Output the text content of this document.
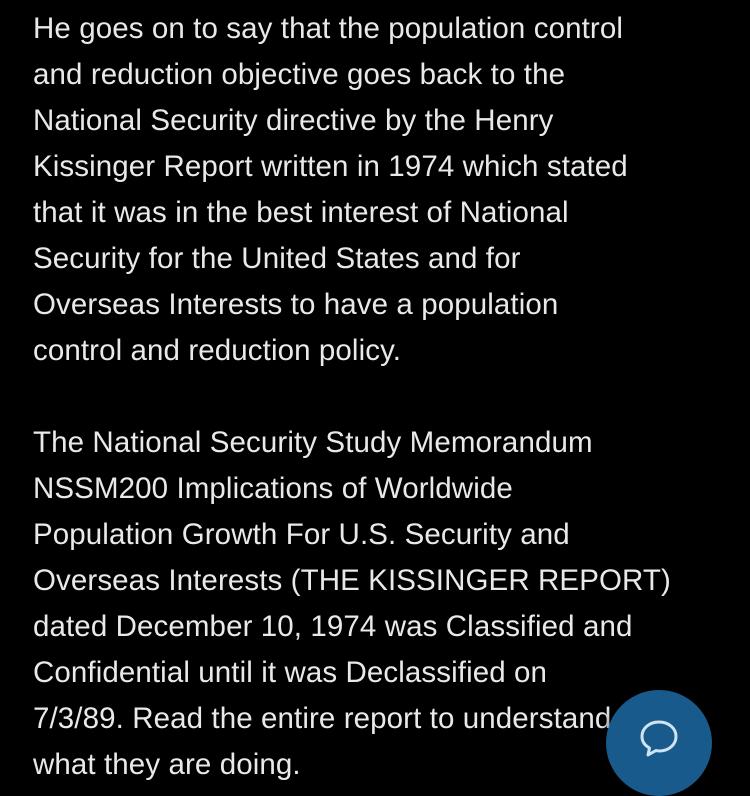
He goes on to say that the population control
and reduction objective goes back to the
National Security directive by the Henry
Kissinger Report written in 1974 which stated
that it was in the best interest of National
Security for the United States and for
Overseas Interests to have a population
control and reduction policy.

The National Security Study Memorandum
NSSM200 Implications of Worldwide
Population Growth For U.S. Security and
Overseas Interests (THE KISSINGER REPORT)
dated December 10, 1974 was Classified and
Confidential until it was Declassified on
7/3/89. Read the entire report to understand
what they are doing.
